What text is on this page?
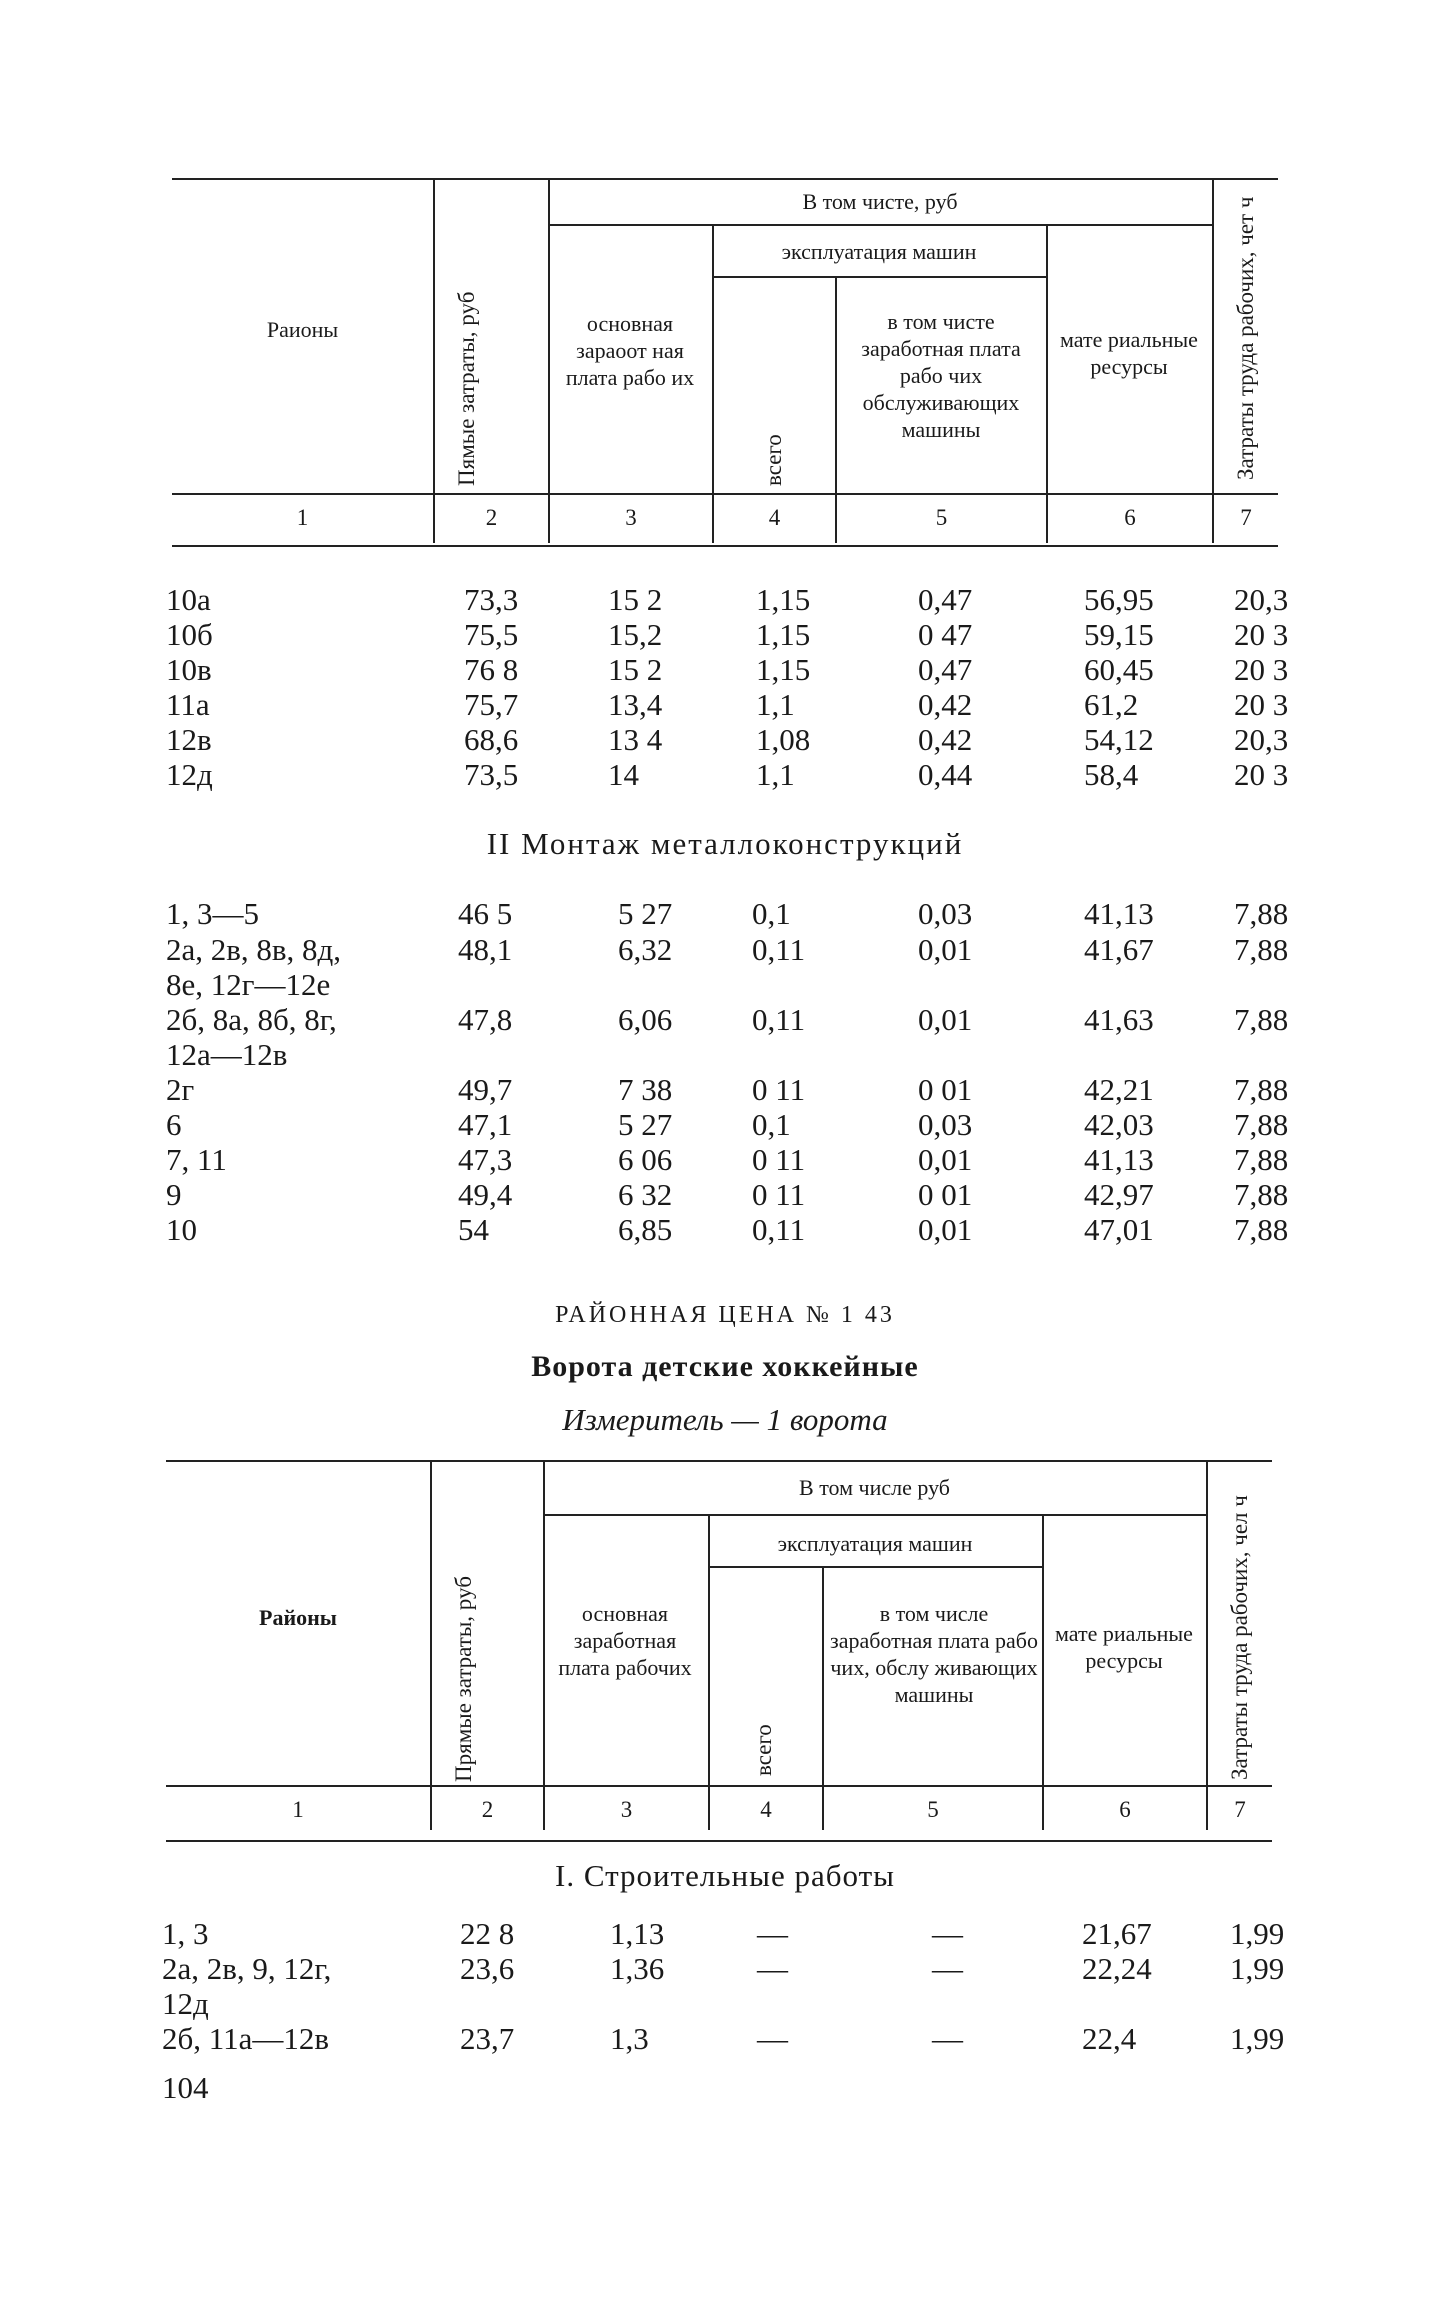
Раионы	Пямые затраты, руб
В том чисте, руб
основная зараоот ная плата рабо их
эксплуатация машин
всего
в том чисте заработная плата рабо чих обслуживающих машины
мате риальные ресурсы	Затраты труда рабочих, чет ч
1	2	3	4	5	6	7
10а	73,3	15 2	1,15	0,47	56,95	20,3
10б	75,5	15,2	1,15	0 47	59,15	20 3
10в	76 8	15 2	1,15	0,47	60,45	20 3
11а	75,7	13,4	1,1	0,42	61,2	20 3
12в	68,6	13 4	1,08	0,42	54,12	20,3
12д	73,5	14	1,1	0,44	58,4	20 3
II Монтаж металлоконструкций
1, 3—5	46 5	5 27	0,1	0,03	41,13	7,88
2а, 2в, 8в, 8д,
8е, 12г—12е
48,1	6,32	0,11	0,01	41,67	7,88
2б, 8а, 8б, 8г,
12а—12в
47,8	6,06	0,11	0,01	41,63	7,88
2г	49,7	7 38	0 11	0 01	42,21	7,88
6	47,1	5 27	0,1	0,03	42,03	7,88
7, 11	47,3	6 06	0 11	0,01	41,13	7,88
9	49,4	6 32	0 11	0 01	42,97	7,88
10	54	6,85	0,11	0,01	47,01	7,88
РАЙОННАЯ ЦЕНА № 1 43
Ворота детские хоккейные
Измеритель — 1 ворота
Районы	Прямые затраты, руб
В том числе руб
основная заработная плата рабочих
эксплуатация машин
всего
в том числе заработная плата рабо чих, обслу живающих машины
мате риальные ресурсы	Затраты труда рабочих, чел ч
1	2	3	4	5	6	7
I. Строительные работы
1, 3	22 8	1,13	—	—	21,67	1,99
2а, 2в, 9, 12г,
12д
23,6	1,36	—	—	22,24	1,99
2б, 11а—12в	23,7	1,3	—	—	22,4	1,99
104
